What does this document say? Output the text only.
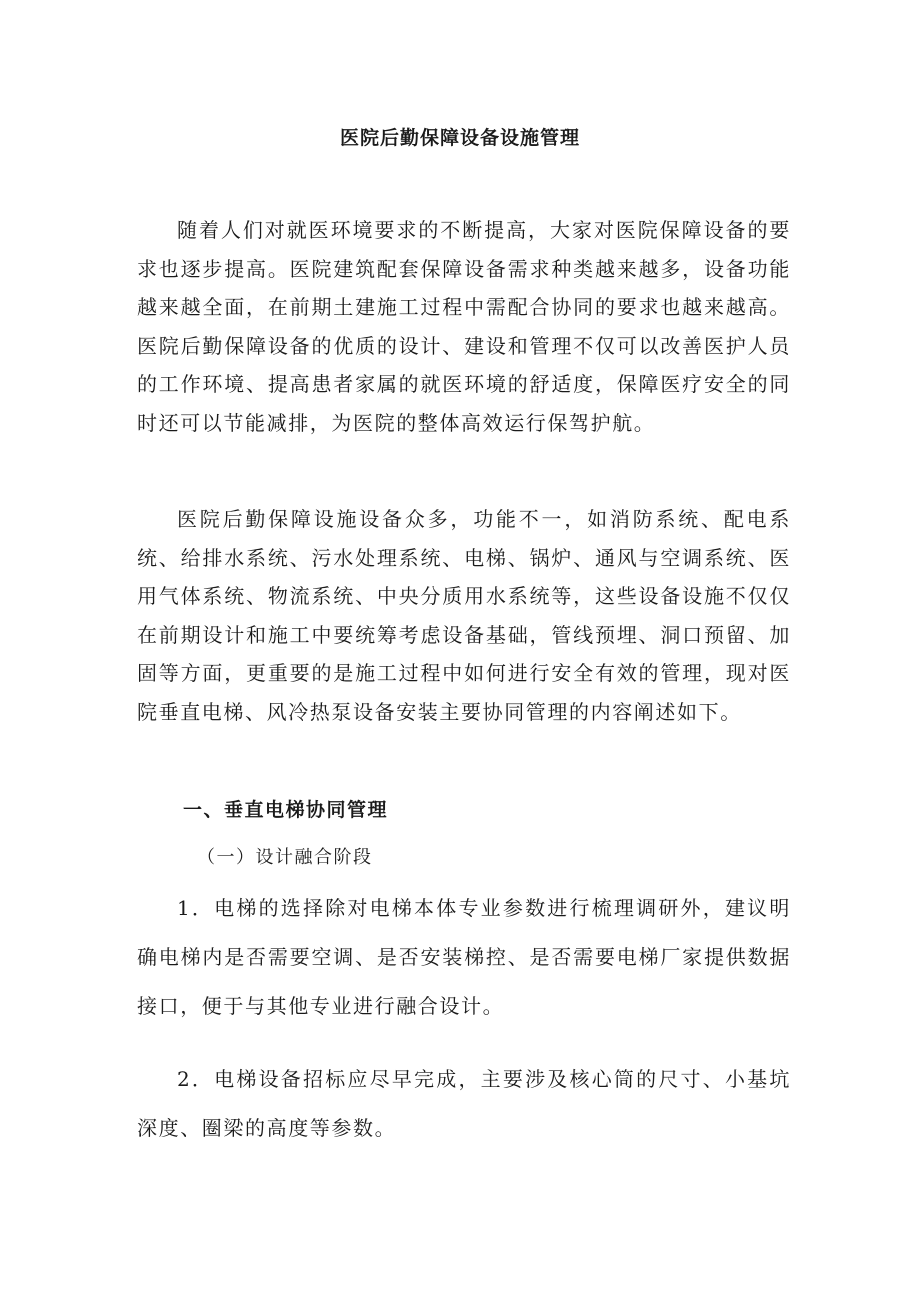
医院后勤保障设备设施管理

随着人们对就医环境要求的不断提高，大家对医院保障设备的要求也逐步提高。医院建筑配套保障设备需求种类越来越多，设备功能越来越全面，在前期土建施工过程中需配合协同的要求也越来越高。医院后勤保障设备的优质的设计、建设和管理不仅可以改善医护人员的工作环境、提高患者家属的就医环境的舒适度，保障医疗安全的同时还可以节能减排，为医院的整体高效运行保驾护航。

医院后勤保障设施设备众多，功能不一，如消防系统、配电系统、给排水系统、污水处理系统、电梯、锅炉、通风与空调系统、医用气体系统、物流系统、中央分质用水系统等，这些设备设施不仅仅在前期设计和施工中要统筹考虑设备基础，管线预埋、洞口预留、加固等方面，更重要的是施工过程中如何进行安全有效的管理，现对医院垂直电梯、风冷热泵设备安装主要协同管理的内容阐述如下。

一、垂直电梯协同管理
（一）设计融合阶段

1．电梯的选择除对电梯本体专业参数进行梳理调研外，建议明确电梯内是否需要空调、是否安装梯控、是否需要电梯厂家提供数据接口，便于与其他专业进行融合设计。

2．电梯设备招标应尽早完成，主要涉及核心筒的尺寸、小基坑深度、圈梁的高度等参数。
